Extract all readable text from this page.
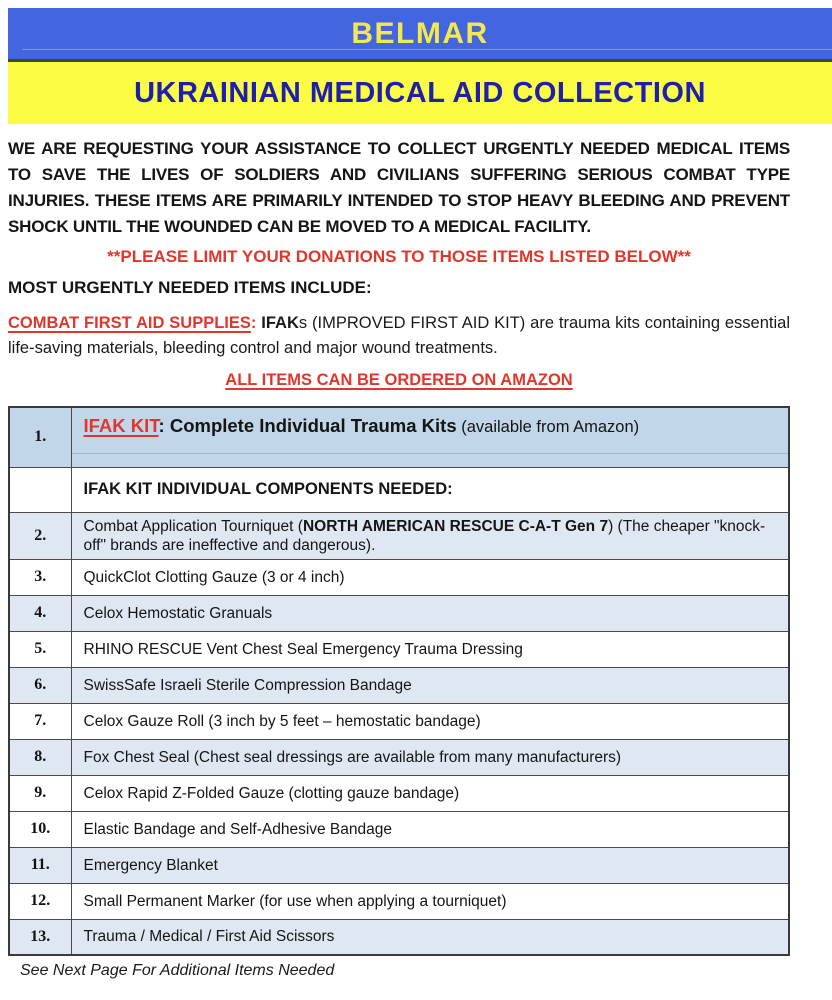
BELMAR
UKRAINIAN MEDICAL AID COLLECTION

WE ARE REQUESTING YOUR ASSISTANCE TO COLLECT URGENTLY NEEDED MEDICAL ITEMS TO SAVE THE LIVES OF SOLDIERS AND CIVILIANS SUFFERING SERIOUS COMBAT TYPE INJURIES. THESE ITEMS ARE PRIMARILY INTENDED TO STOP HEAVY BLEEDING AND PREVENT SHOCK UNTIL THE WOUNDED CAN BE MOVED TO A MEDICAL FACILITY.

**PLEASE LIMIT YOUR DONATIONS TO THOSE ITEMS LISTED BELOW**

MOST URGENTLY NEEDED ITEMS INCLUDE:

COMBAT FIRST AID SUPPLIES: IFAKs (IMPROVED FIRST AID KIT) are trauma kits containing essential life-saving materials, bleeding control and major wound treatments.

ALL ITEMS CAN BE ORDERED ON AMAZON

1.	IFAK KIT: Complete Individual Trauma Kits (available from Amazon)
	IFAK KIT INDIVIDUAL COMPONENTS NEEDED:
2.	Combat Application Tourniquet (NORTH AMERICAN RESCUE C-A-T Gen 7) (The cheaper "knock-off" brands are ineffective and dangerous).
3.	QuickClot Clotting Gauze (3 or 4 inch)
4.	Celox Hemostatic Granuals
5.	RHINO RESCUE Vent Chest Seal Emergency Trauma Dressing
6.	SwissSafe Israeli Sterile Compression Bandage
7.	Celox Gauze Roll (3 inch by 5 feet – hemostatic bandage)
8.	Fox Chest Seal (Chest seal dressings are available from many manufacturers)
9.	Celox Rapid Z-Folded Gauze (clotting gauze bandage)
10.	Elastic Bandage and Self-Adhesive Bandage
11.	Emergency Blanket
12.	Small Permanent Marker (for use when applying a tourniquet)
13.	Trauma / Medical / First Aid Scissors

See Next Page For Additional Items Needed
